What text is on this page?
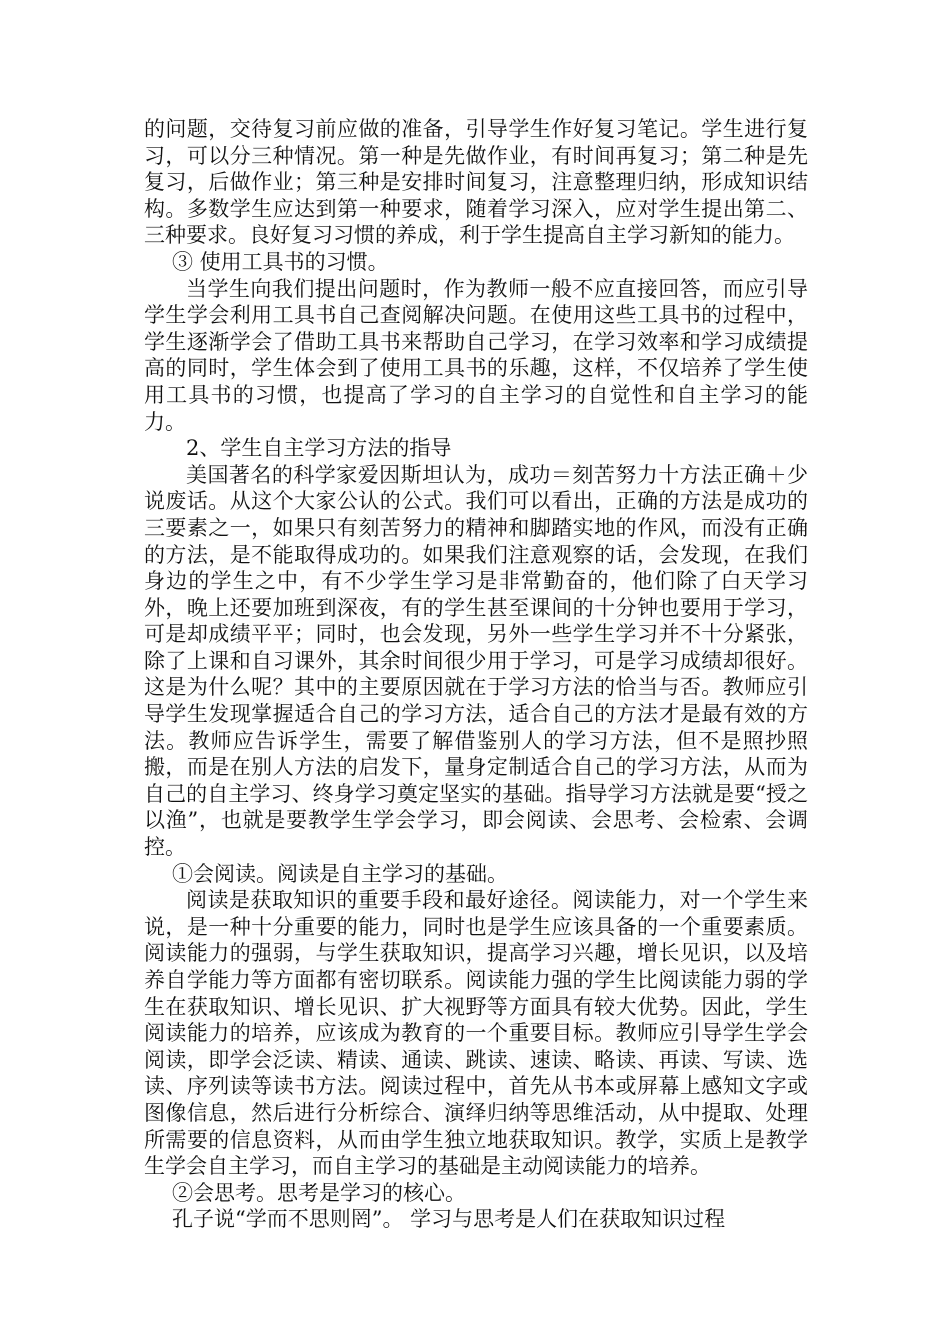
的问题，交待复习前应做的准备，引导学生作好复习笔记。学生进行复习，可以分三种情况。第一种是先做作业，有时间再复习；第二种是先复习，后做作业；第三种是安排时间复习，注意整理归纳，形成知识结构。多数学生应达到第一种要求，随着学习深入，应对学生提出第二、三种要求。良好复习习惯的养成，利于学生提高自主学习新知的能力。

③ 使用工具书的习惯。

当学生向我们提出问题时，作为教师一般不应直接回答，而应引导学生学会利用工具书自己查阅解决问题。在使用这些工具书的过程中，学生逐渐学会了借助工具书来帮助自己学习，在学习效率和学习成绩提高的同时，学生体会到了使用工具书的乐趣，这样，不仅培养了学生使用工具书的习惯，也提高了学习的自主学习的自觉性和自主学习的能力。

2、学生自主学习方法的指导

美国著名的科学家爱因斯坦认为，成功＝刻苦努力十方法正确＋少说废话。从这个大家公认的公式。我们可以看出，正确的方法是成功的三要素之一，如果只有刻苦努力的精神和脚踏实地的作风，而没有正确的方法，是不能取得成功的。如果我们注意观察的话，会发现，在我们身边的学生之中，有不少学生学习是非常勤奋的，他们除了白天学习外，晚上还要加班到深夜，有的学生甚至课间的十分钟也要用于学习，可是却成绩平平；同时，也会发现，另外一些学生学习并不十分紧张，除了上课和自习课外，其余时间很少用于学习，可是学习成绩却很好。这是为什么呢？其中的主要原因就在于学习方法的恰当与否。教师应引导学生发现掌握适合自己的学习方法，适合自己的方法才是最有效的方法。教师应告诉学生，需要了解借鉴别人的学习方法，但不是照抄照搬，而是在别人方法的启发下，量身定制适合自己的学习方法，从而为自己的自主学习、终身学习奠定坚实的基础。指导学习方法就是要“授之以渔”，也就是要教学生学会学习，即会阅读、会思考、会检索、会调控。

①会阅读。阅读是自主学习的基础。

阅读是获取知识的重要手段和最好途径。阅读能力，对一个学生来说，是一种十分重要的能力，同时也是学生应该具备的一个重要素质。阅读能力的强弱，与学生获取知识，提高学习兴趣，增长见识，以及培养自学能力等方面都有密切联系。阅读能力强的学生比阅读能力弱的学生在获取知识、增长见识、扩大视野等方面具有较大优势。因此，学生阅读能力的培养，应该成为教育的一个重要目标。教师应引导学生学会阅读，即学会泛读、精读、通读、跳读、速读、略读、再读、写读、选读、序列读等读书方法。阅读过程中，首先从书本或屏幕上感知文字或图像信息，然后进行分析综合、演绎归纳等思维活动，从中提取、处理所需要的信息资料，从而由学生独立地获取知识。教学，实质上是教学生学会自主学习，而自主学习的基础是主动阅读能力的培养。

②会思考。思考是学习的核心。

孔子说“学而不思则罔”。 学习与思考是人们在获取知识过程
